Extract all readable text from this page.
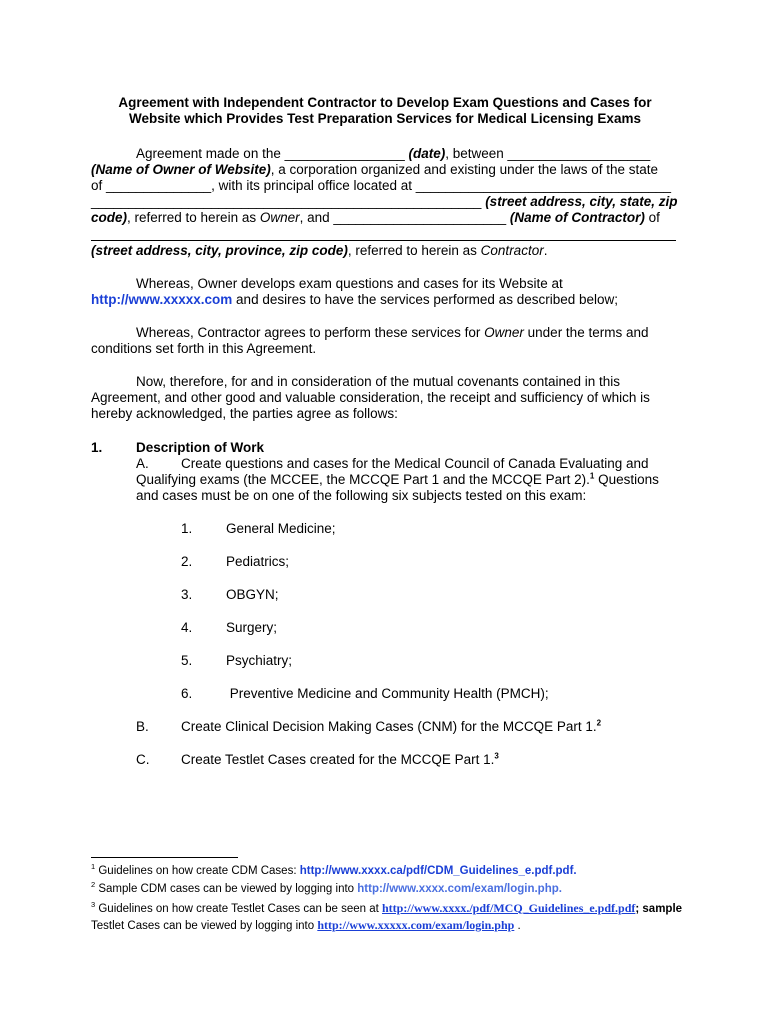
Agreement with Independent Contractor to Develop Exam Questions and Cases for
Website which Provides Test Preparation Services for Medical Licensing Exams
Agreement made on the ________________ (date), between ___________________
(Name of Owner of Website), a corporation organized and existing under the laws of the state
of ______________, with its principal office located at __________________________________
____________________________________________________ (street address, city, state, zip
code), referred to herein as Owner, and _______________________ (Name of Contractor) of
(street address, city, province, zip code), referred to herein as Contractor.
Whereas, Owner develops exam questions and cases for its Website at
http://www.xxxxx.com and desires to have the services performed as described below;
Whereas, Contractor agrees to perform these services for Owner under the terms and
conditions set forth in this Agreement.
Now, therefore, for and in consideration of the mutual covenants contained in this
Agreement, and other good and valuable consideration, the receipt and sufficiency of which is
hereby acknowledged, the parties agree as follows:
1. Description of Work
A. Create questions and cases for the Medical Council of Canada Evaluating and
Qualifying exams (the MCCEE, the MCCQE Part 1 and the MCCQE Part 2).$^1$ Questions
and cases must be on one of the following six subjects tested on this exam:
1. General Medicine;
2. Pediatrics;
3. OBGYN;
4. Surgery;
5. Psychiatry;
6. Preventive Medicine and Community Health (PMCH);
B. Create Clinical Decision Making Cases (CNM) for the MCCQE Part 1.$^2$
C. Create Testlet Cases created for the MCCQE Part 1.$^3$
$^1$ Guidelines on how create CDM Cases: http://www.xxxx.ca/pdf/CDM_Guidelines_e.pdf.pdf.
$^2$ Sample CDM cases can be viewed by logging into http://www.xxxx.com/exam/login.php.
$^3$ Guidelines on how create Testlet Cases can be seen at http://www.xxxx./pdf/MCQ_Guidelines_e.pdf.pdf; sample
Testlet Cases can be viewed by logging into http://www.xxxxx.com/exam/login.php .
